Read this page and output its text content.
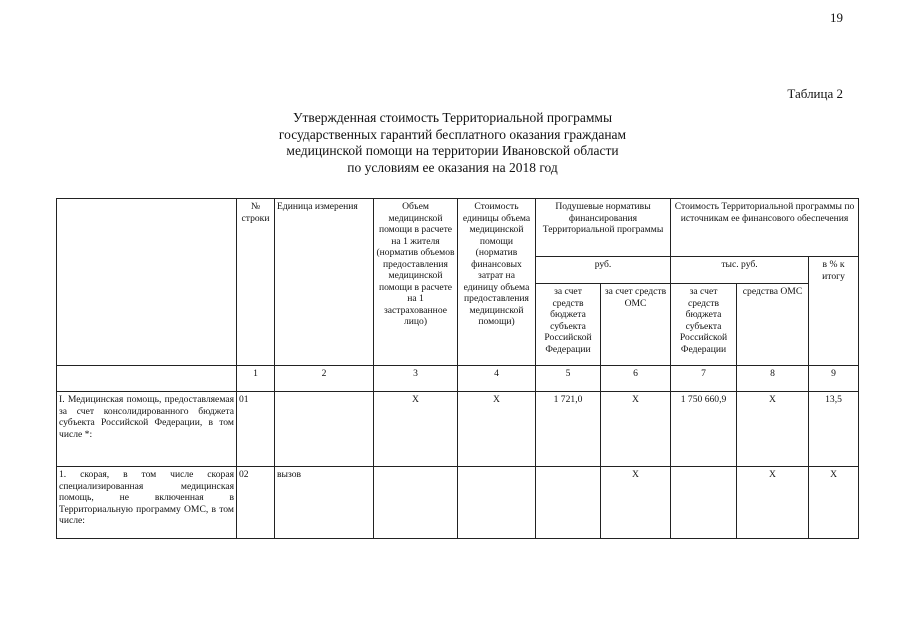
19
Таблица 2
Утвержденная стоимость Территориальной программы
государственных гарантий бесплатного оказания гражданам
медицинской помощи на территории Ивановской области
по условиям ее оказания на 2018 год
	№ строки	Единица измерения	Объем медицинской помощи в расчете на 1 жителя (норматив объемов предоставления медицинской помощи в расчете на 1 застрахованное лицо)	Стоимость единицы объема медицинской помощи (норматив финансовых затрат на единицу объема предоставления медицинской помощи)	Подушевые нормативы финансирования Территориальной программы		Стоимость Территориальной программы по источникам ее финансового обеспечения		
					руб.		тыс. руб.		в % к итогу
					за счет средств бюджета субъекта Российской Федерации	за счет средств ОМС	за счет средств бюджета субъекта Российской Федерации	средства ОМС	
	1	2	3	4	5	6	7	8	9
I. Медицинская помощь, предоставляемая за счет консолидированного бюджета субъекта Российской Федерации, в том числе *:	01		X	X	1 721,0	X	1 750 660,9	X	13,5
1. скорая, в том числе скорая специализированная медицинская помощь, не включенная в Территориальную программу ОМС, в том числе:	02	вызов				X		X	X
